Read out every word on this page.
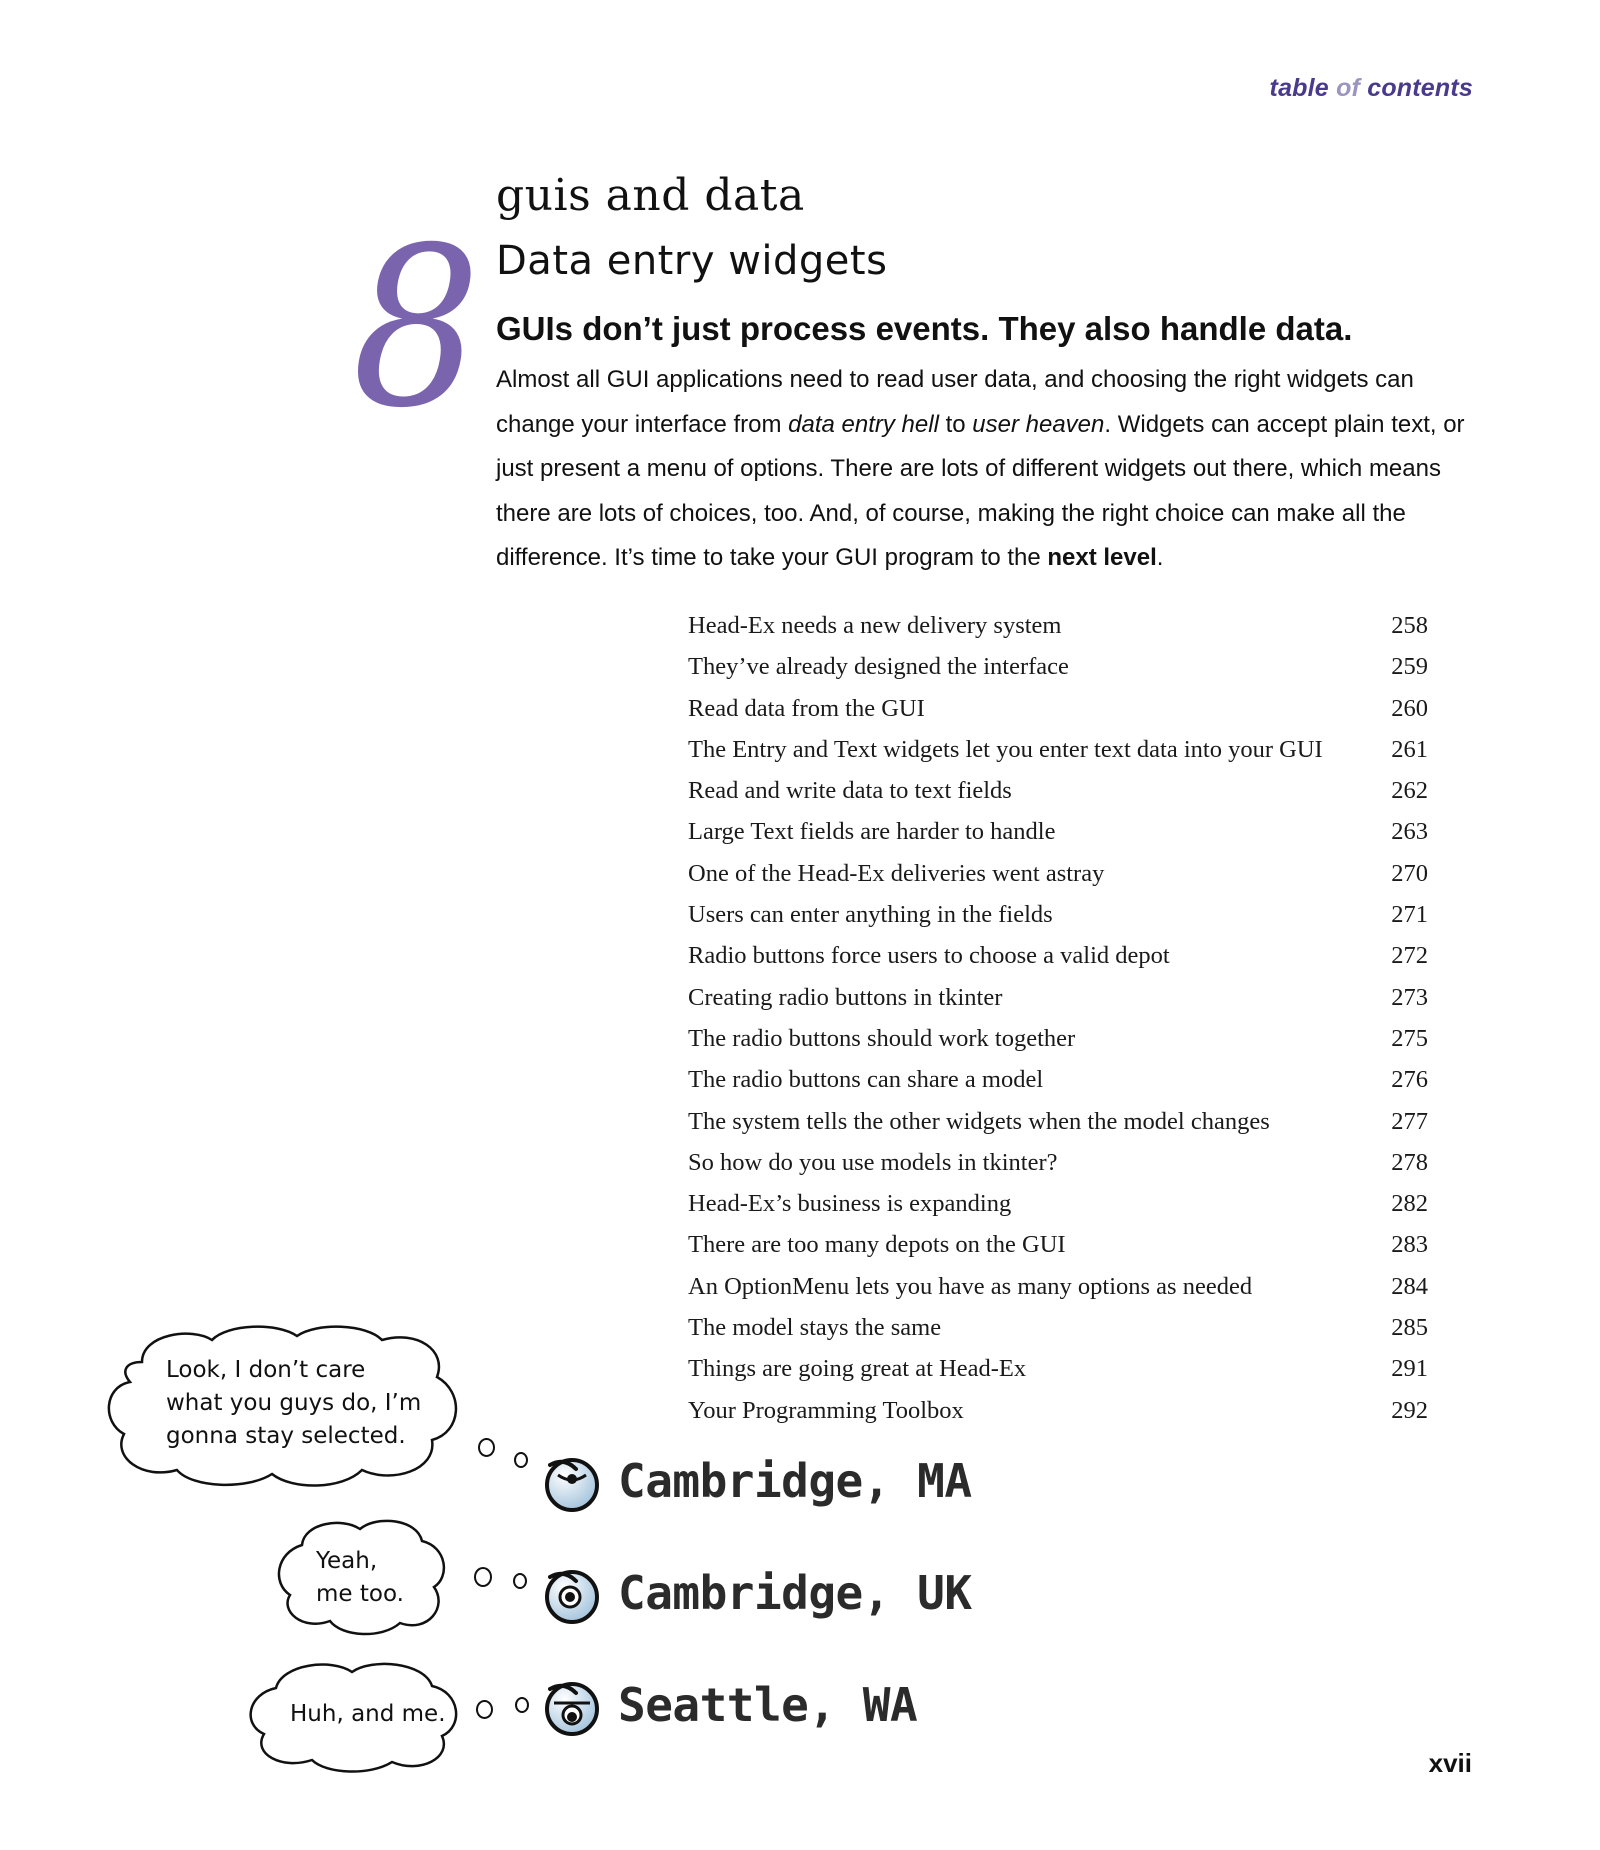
table of contents
8
guis and data
Data entry widgets
GUIs don’t just process events. They also handle data.

Almost all GUI applications need to read user data, and choosing the right widgets can change your interface from data entry hell to user heaven. Widgets can accept plain text, or just present a menu of options. There are lots of different widgets out there, which means there are lots of choices, too. And, of course, making the right choice can make all the difference. It’s time to take your GUI program to the next level.

Head-Ex needs a new delivery system	258
They’ve already designed the interface	259
Read data from the GUI	260
The Entry and Text widgets let you enter text data into your GUI	261
Read and write data to text fields	262
Large Text fields are harder to handle	263
One of the Head-Ex deliveries went astray	270
Users can enter anything in the fields	271
Radio buttons force users to choose a valid depot	272
Creating radio buttons in tkinter	273
The radio buttons should work together	275
The radio buttons can share a model	276
The system tells the other widgets when the model changes	277
So how do you use models in tkinter?	278
Head-Ex’s business is expanding	282
There are too many depots on the GUI	283
An OptionMenu lets you have as many options as needed	284
The model stays the same	285
Things are going great at Head-Ex	291
Your Programming Toolbox	292
Look, I don’t care
what you guys do, I’m
gonna stay selected.
Yeah,
me too.
Huh, and me.
Cambridge, MA
Cambridge, UK
Seattle, WA
xvii
